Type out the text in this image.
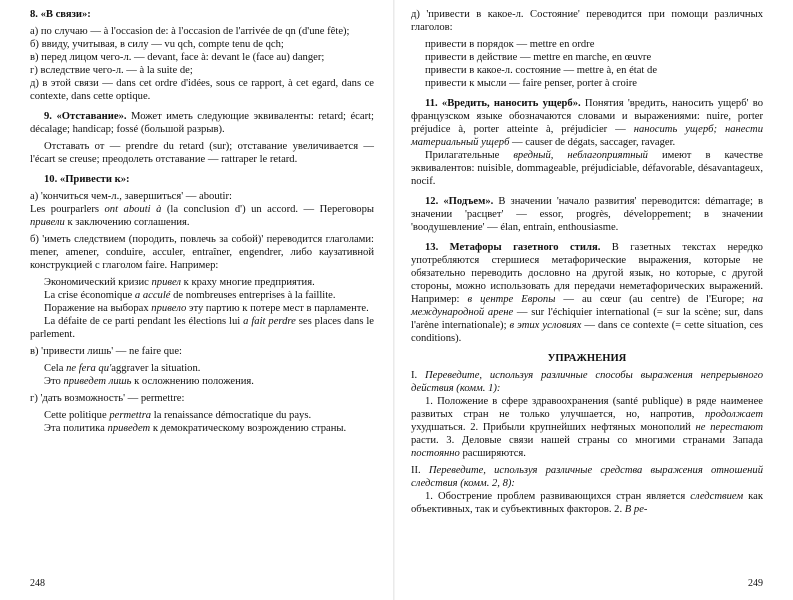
8. «В связи»:

а) по случаю — à l'occasion de: à l'occasion de l'arrivée de qn (d'une fête);

б) ввиду, учитывая, в силу — vu qch, compte tenu de qch;

в) перед лицом чего-л. — devant, face à: devant le (face au) danger;

г) вследствие чего-л. — à la suite de;

д) в этой связи — dans cet ordre d'idées, sous ce rapport, à cet egard, dans ce contexte, dans cette optique.

9. «Отставание». Может иметь следующие эквиваленты: retard; écart; décalage; handicap; fossé (большой разрыв).

Отставать от — prendre du retard (sur); отставание увеличивается — l'écart se creuse; преодолеть отставание — rattraper le retard.

10. «Привести к»:

а) 'кончиться чем-л., завершиться' — aboutir:

Les pourparlers ont abouti à (la conclusion d') un accord. — Переговоры привели к заключению соглашения.

б) 'иметь следствием (породить, повлечь за собой)' переводится глаголами: mener, amener, conduire, acculer, entraîner, engendrer, либо каузативной конструкцией с глаголом faire. Например:

Экономический кризис привел к краху многие предприятия.

La crise économique a acculé de nombreuses entreprises à la faillite.

Поражение на выборах привело эту партию к потере мест в парламенте.

La défaite de ce parti pendant les élections lui a fait perdre ses places dans le parlement.

в) 'привести лишь' — ne faire que:

Cela ne fera qu'aggraver la situation.

Это приведет лишь к осложнению положения.

г) 'дать возможность' — permettre:

Cette politique permettra la renaissance démocratique du pays.

Эта политика приведет к демократическому возрождению страны.

248

д) 'привести в какое-л. Состояние' переводится при помощи различных глаголов:

привести в порядок — mettre en ordre

привести в действие — mettre en marche, en œuvre

привести в какое-л. состояние — mettre à, en état de

привести к мысли — faire penser, porter à croire

11. «Вредить, наносить ущерб». Понятия 'вредить, наносить ущерб' во французском языке обозначаются словами и выражениями: nuire, porter préjudice à, porter atteinte à, préjudicier — наносить ущерб; нанести материальный ущерб — causer de dégats, saccager, ravager.

Прилагательные вредный, неблагоприятный имеют в качестве эквивалентов: nuisible, dommageable, préjudiciable, défavorable, désavantageux, nocif.

12. «Подъем». В значении 'начало развития' переводится: démarrage; в значении 'расцвет' — essor, progrès, développement; в значении 'воодушевление' — élan, entrain, enthousiasme.

13. Метафоры газетного стиля. В газетных текстах нередко употребляются стершиеся метафорические выражения, которые не обязательно переводить дословно на другой язык, но которые, с другой стороны, можно использовать для передачи неметафорических выражений. Например: в центре Европы — au cœur (au centre) de l'Europe; на международной арене — sur l'échiquier international (= sur la scène; sur, dans l'arène internationale); в этих условиях — dans ce contexte (= cette situation, ces conditions).

УПРАЖНЕНИЯ

I. Переведите, используя различные способы выражения непрерывного действия (комм. 1):

1. Положение в сфере здравоохранения (santé publique) в ряде наименее развитых стран не только улучшается, но, напротив, продолжает ухудшаться. 2. Прибыли крупнейших нефтяных монополий не перестают расти. 3. Деловые связи нашей страны со многими странами Запада постоянно расширяются.

II. Переведите, используя различные средства выражения отношений следствия (комм. 2, 8):

1. Обострение проблем развивающихся стран является следствием как объективных, так и субъективных факторов. 2. В ре-

249
